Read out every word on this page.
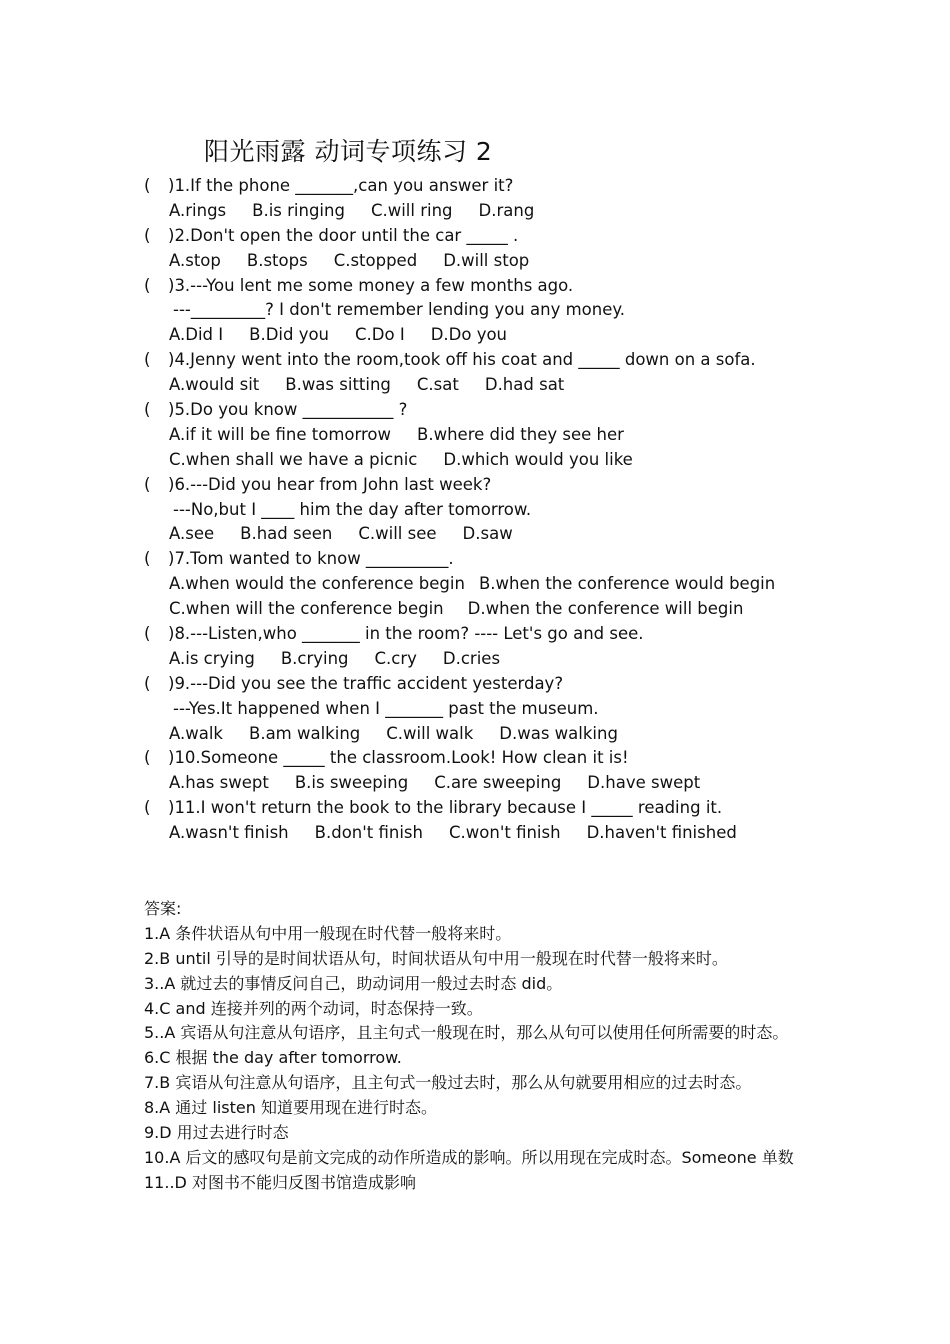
阳光雨露 动词专项练习 2
( )1.If the phone _______,can you answer it?
A.rings B.is ringing C.will ring D.rang
( )2.Don't open the door until the car _____ .
A.stop B.stops C.stopped D.will stop
( )3.---You lent me some money a few months ago.
---_________? I don't remember lending you any money.
A.Did I B.Did you C.Do I D.Do you
( )4.Jenny went into the room,took off his coat and _____ down on a sofa.
A.would sit B.was sitting C.sat D.had sat
( )5.Do you know ___________ ?
A.if it will be fine tomorrow B.where did they see her
C.when shall we have a picnic D.which would you like
( )6.---Did you hear from John last week?
---No,but I ____ him the day after tomorrow.
A.see B.had seen C.will see D.saw
( )7.Tom wanted to know __________.
A.when would the conference begin B.when the conference would begin
C.when will the conference begin D.when the conference will begin
( )8.---Listen,who _______ in the room? ---- Let's go and see.
A.is crying B.crying C.cry D.cries
( )9.---Did you see the traffic accident yesterday?
---Yes.It happened when I _______ past the museum.
A.walk B.am walking C.will walk D.was walking
( )10.Someone _____ the classroom.Look! How clean it is!
A.has swept B.is sweeping C.are sweeping D.have swept
( )11.I won't return the book to the library because I _____ reading it.
A.wasn't finish B.don't finish C.won't finish D.haven't finished
答案:
1.A 条件状语从句中用一般现在时代替一般将来时。
2.B until 引导的是时间状语从句，时间状语从句中用一般现在时代替一般将来时。
3..A 就过去的事情反问自己，助动词用一般过去时态 did。
4.C and 连接并列的两个动词，时态保持一致。
5..A 宾语从句注意从句语序，且主句式一般现在时，那么从句可以使用任何所需要的时态。
6.C 根据 the day after tomorrow.
7.B 宾语从句注意从句语序，且主句式一般过去时，那么从句就要用相应的过去时态。
8.A 通过 listen 知道要用现在进行时态。
9.D 用过去进行时态
10.A 后文的感叹句是前文完成的动作所造成的影响。所以用现在完成时态。Someone 单数
11..D 对图书不能归反图书馆造成影响
